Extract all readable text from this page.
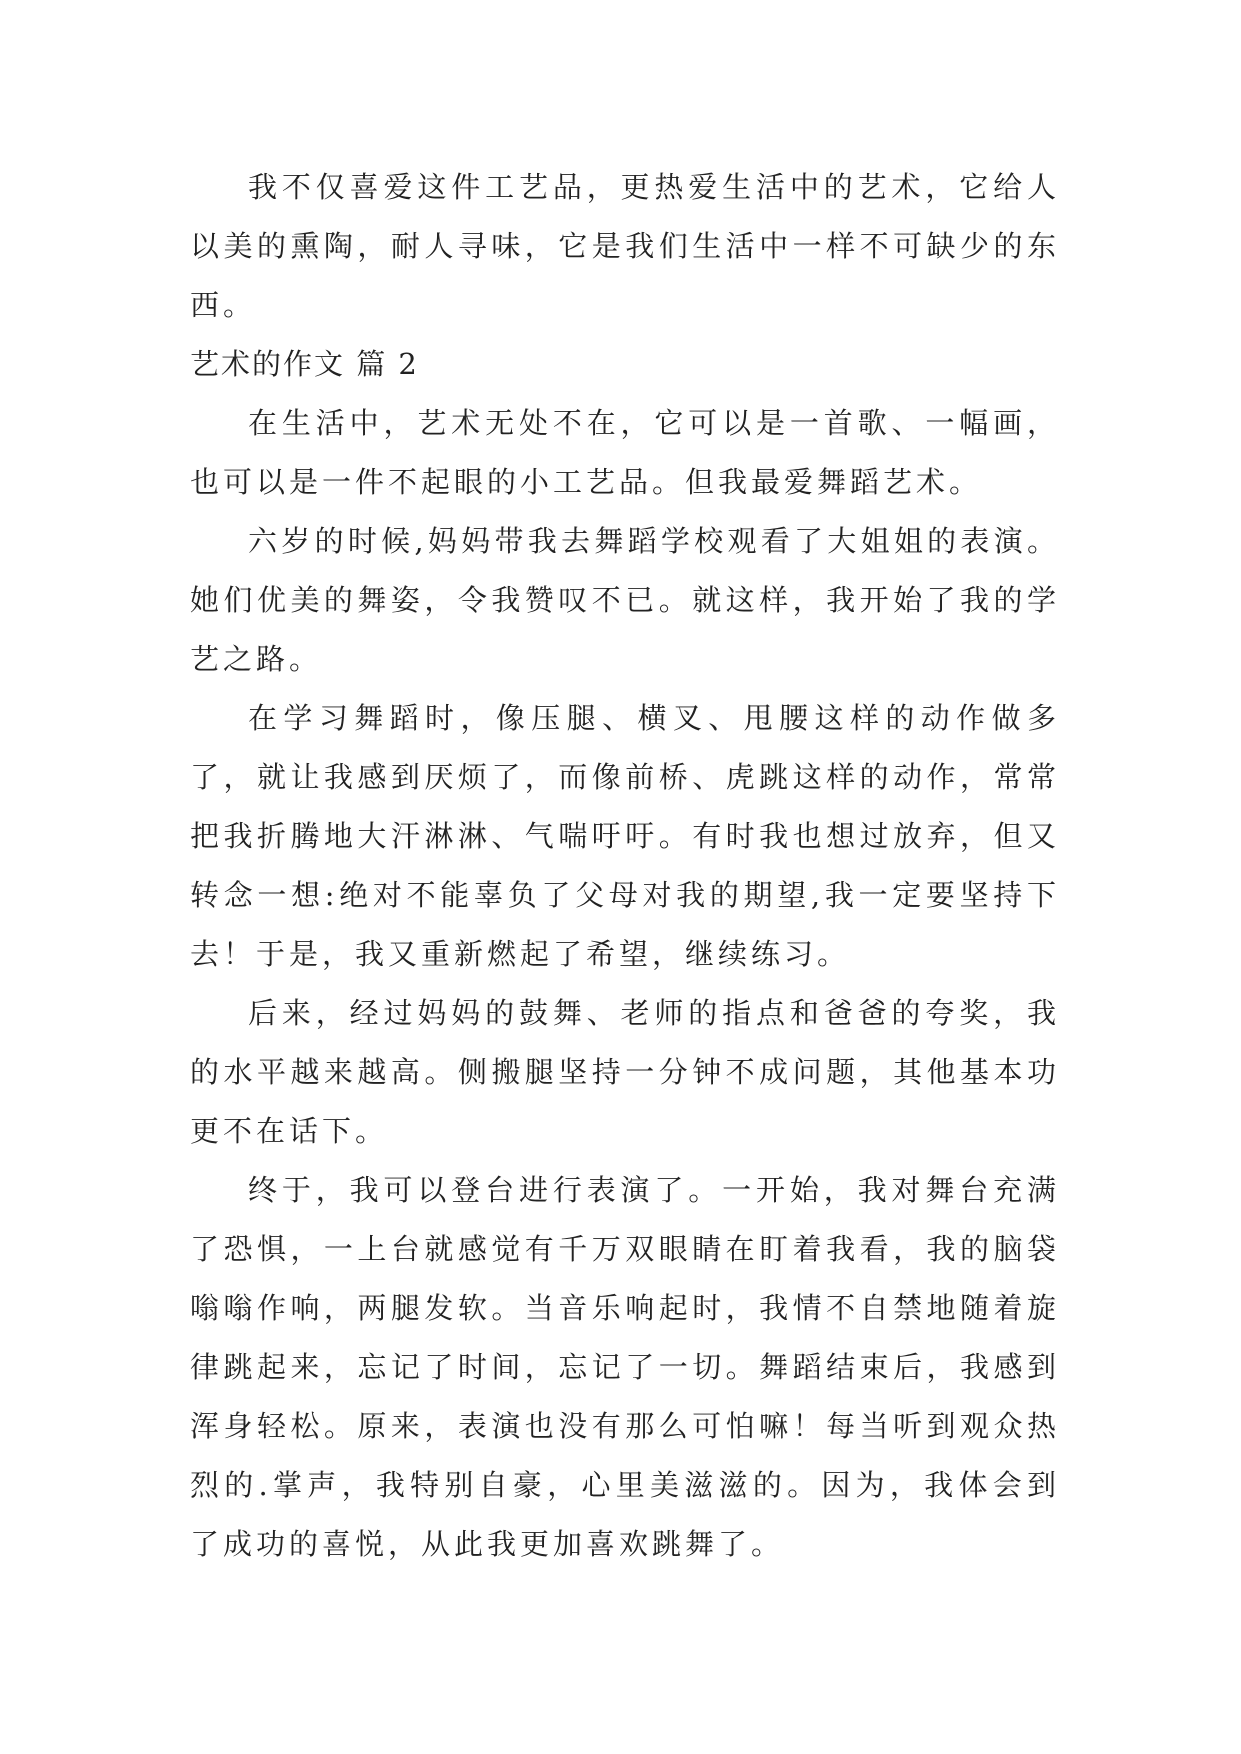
我不仅喜爱这件工艺品，更热爱生活中的艺术，它给人以美的熏陶，耐人寻味，它是我们生活中一样不可缺少的东西。

艺术的作文 篇 2

在生活中，艺术无处不在，它可以是一首歌、一幅画，也可以是一件不起眼的小工艺品。但我最爱舞蹈艺术。

六岁的时候,妈妈带我去舞蹈学校观看了大姐姐的表演。她们优美的舞姿，令我赞叹不已。就这样，我开始了我的学艺之路。

在学习舞蹈时，像压腿、横叉、甩腰这样的动作做多了，就让我感到厌烦了，而像前桥、虎跳这样的动作，常常把我折腾地大汗淋淋、气喘吁吁。有时我也想过放弃，但又转念一想:绝对不能辜负了父母对我的期望,我一定要坚持下去！于是，我又重新燃起了希望，继续练习。

后来，经过妈妈的鼓舞、老师的指点和爸爸的夸奖，我的水平越来越高。侧搬腿坚持一分钟不成问题，其他基本功更不在话下。

终于，我可以登台进行表演了。一开始，我对舞台充满了恐惧，一上台就感觉有千万双眼睛在盯着我看，我的脑袋嗡嗡作响，两腿发软。当音乐响起时，我情不自禁地随着旋律跳起来，忘记了时间，忘记了一切。舞蹈结束后，我感到浑身轻松。原来，表演也没有那么可怕嘛！每当听到观众热烈的.掌声，我特别自豪，心里美滋滋的。因为，我体会到了成功的喜悦，从此我更加喜欢跳舞了。
